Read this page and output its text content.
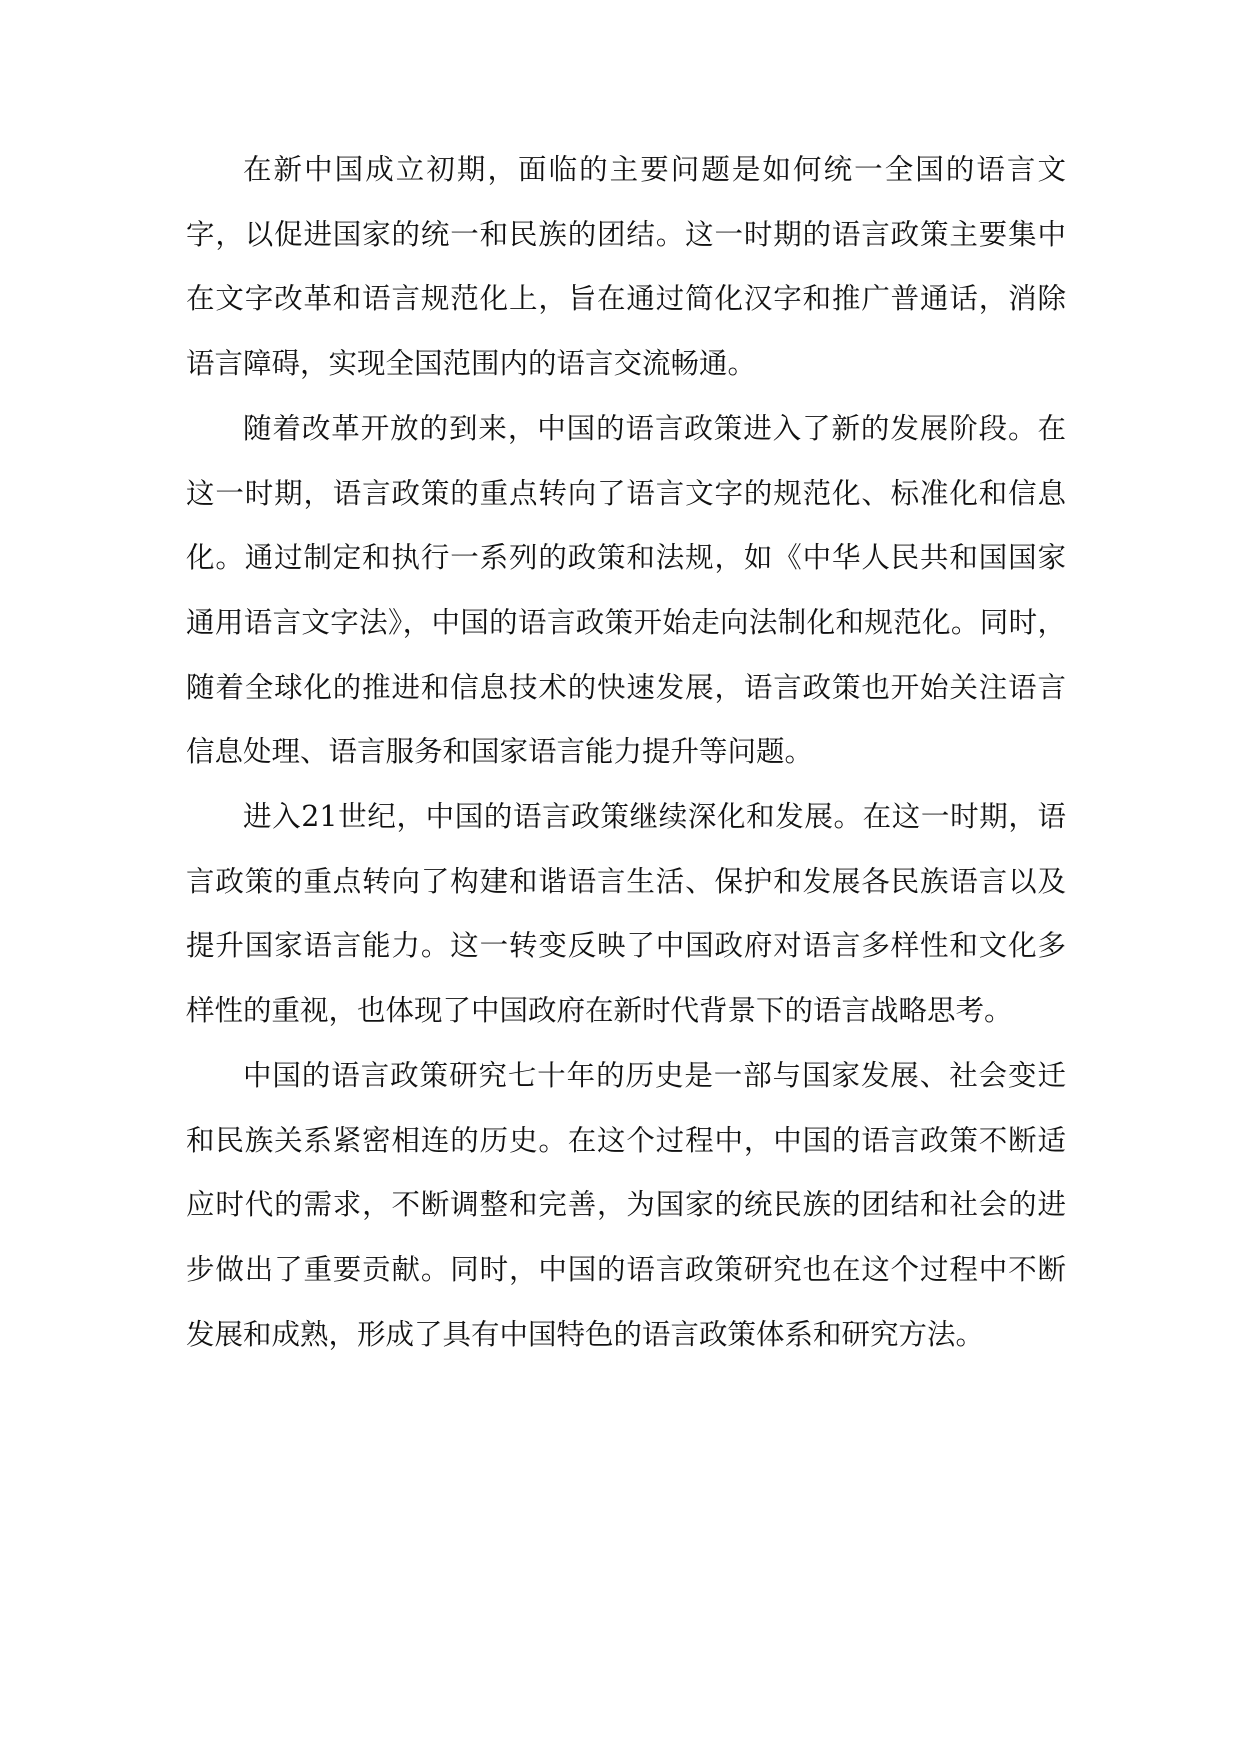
在新中国成立初期，面临的主要问题是如何统一全国的语言文字，以促进国家的统一和民族的团结。这一时期的语言政策主要集中在文字改革和语言规范化上，旨在通过简化汉字和推广普通话，消除语言障碍，实现全国范围内的语言交流畅通。

随着改革开放的到来，中国的语言政策进入了新的发展阶段。在这一时期，语言政策的重点转向了语言文字的规范化、标准化和信息化。通过制定和执行一系列的政策和法规，如《中华人民共和国国家通用语言文字法》，中国的语言政策开始走向法制化和规范化。同时，随着全球化的推进和信息技术的快速发展，语言政策也开始关注语言信息处理、语言服务和国家语言能力提升等问题。

进入21世纪，中国的语言政策继续深化和发展。在这一时期，语言政策的重点转向了构建和谐语言生活、保护和发展各民族语言以及提升国家语言能力。这一转变反映了中国政府对语言多样性和文化多样性的重视，也体现了中国政府在新时代背景下的语言战略思考。

中国的语言政策研究七十年的历史是一部与国家发展、社会变迁和民族关系紧密相连的历史。在这个过程中，中国的语言政策不断适应时代的需求，不断调整和完善，为国家的统民族的团结和社会的进步做出了重要贡献。同时，中国的语言政策研究也在这个过程中不断发展和成熟，形成了具有中国特色的语言政策体系和研究方法。
